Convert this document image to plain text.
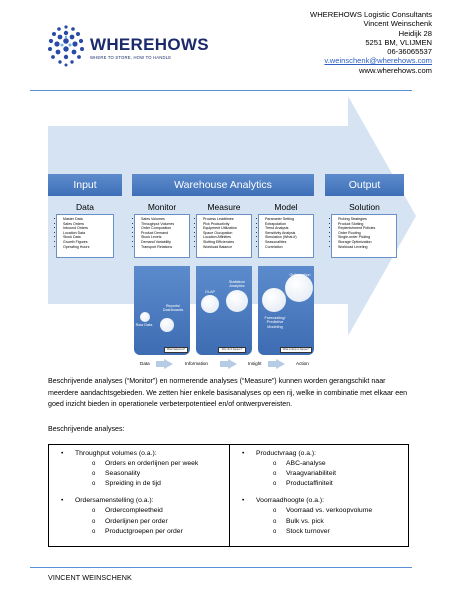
WHEREHOWS
WHERE TO STORE, HOW TO HANDLE
WHEREHOWS Logistic Consultants
Vincent Weinschenk
Heidijk 28
5251 BM, VLIJMEN
06-36065537
v.weinschenk@wherehows.com
www.wherehows.com
Input	Warehouse Analytics	Output
Data	Monitor	Measure	Model	Solution
• Master Data
• Sales Orders
• Inbound Orders
• Location Data
• Stock Data
• Growth Figures
• Operating Hours
• Sales Volumes
• Throughput Volumes
• Order Composition
• Product Demand
• Stock Levels
• Demand Variability
• Transport Relations
• Process Leadtimes
• Pick Productivity
• Equipment Utilization
• Space Occupation
• Location Affinities
• Slotting Efficiencies
• Workload Balance
• Parameter Setting
• Extrapolation
• Trend Analysis
• Sensitivity Analysis
• Simulation (What-if)
• Seasonalities
• Correlation
• Picking Strategies
• Product Slotting
• Replenishment Policies
• Order Routing
• Single-order Picking
• Storage Optimization
• Workload Leveling
Raw Data
Reports/ Dashboards
What happened?
OLAP
Statistics/ Analytics
Why did it happen?
Forecasting/ Predictive Modeling
Optimization
What is likely to happen?
Data	Information	Insight	Action
Beschrijvende analyses (“Monitor”) en normerende analyses (“Measure”) kunnen worden gerangschikt naar meerdere aandachtsgebieden. We zetten hier enkele basisanalyses op een rij, welke in combinatie met elkaar een goed inzicht bieden in operationele verbeterpotentieel en/of ontwerpvereisten.
Beschrijvende analyses:
• Throughput volumes (o.a.):
o Orders en orderlijnen per week
o Seasonality
o Spreiding in de tijd
• Ordersamenstelling (o.a.):
o Ordercompleetheid
o Orderlijnen per order
o Productgroepen per order
• Productvraag (o.a.):
o ABC-analyse
o Vraagvariabiliteit
o Productaffiniteit
• Voorraadhoogte (o.a.):
o Voorraad vs. verkoopvolume
o Bulk vs. pick
o Stock turnover
VINCENT WEINSCHENK
